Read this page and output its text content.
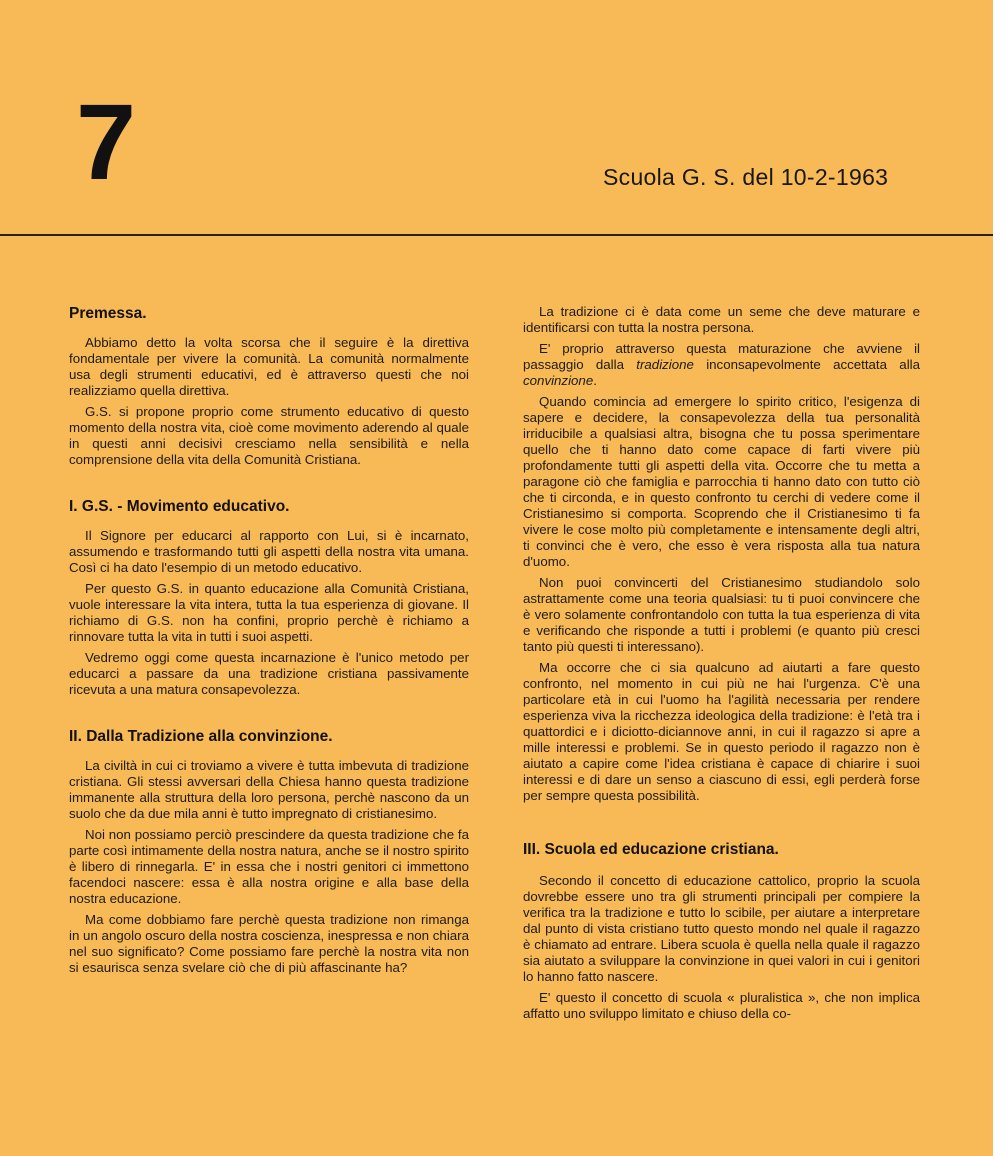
7	Scuola G. S. del 10-2-1963
Premessa.

Abbiamo detto la volta scorsa che il seguire è la direttiva fondamentale per vivere la comunità. La comunità normalmente usa degli strumenti educativi, ed è attraverso questi che noi realizziamo quella direttiva.

G.S. si propone proprio come strumento educativo di questo momento della nostra vita, cioè come movimento aderendo al quale in questi anni decisivi cresciamo nella sensibilità e nella comprensione della vita della Comunità Cristiana.

I. G.S. - Movimento educativo.

Il Signore per educarci al rapporto con Lui, si è incarnato, assumendo e trasformando tutti gli aspetti della nostra vita umana. Così ci ha dato l'esempio di un metodo educativo.

Per questo G.S. in quanto educazione alla Comunità Cristiana, vuole interessare la vita intera, tutta la tua esperienza di giovane. Il richiamo di G.S. non ha confini, proprio perchè è richiamo a rinnovare tutta la vita in tutti i suoi aspetti.

Vedremo oggi come questa incarnazione è l'unico metodo per educarci a passare da una tradizione cristiana passivamente ricevuta a una matura consapevolezza.

II. Dalla Tradizione alla convinzione.

La civiltà in cui ci troviamo a vivere è tutta imbevuta di tradizione cristiana. Gli stessi avversari della Chiesa hanno questa tradizione immanente alla struttura della loro persona, perchè nascono da un suolo che da due mila anni è tutto impregnato di cristianesimo.

Noi non possiamo perciò prescindere da questa tradizione che fa parte così intimamente della nostra natura, anche se il nostro spirito è libero di rinnegarla. E' in essa che i nostri genitori ci immettono facendoci nascere: essa è alla nostra origine e alla base della nostra educazione.

Ma come dobbiamo fare perchè questa tradizione non rimanga in un angolo oscuro della nostra coscienza, inespressa e non chiara nel suo significato? Come possiamo fare perchè la nostra vita non si esaurisca senza svelare ciò che di più affascinante ha?

La tradizione ci è data come un seme che deve maturare e identificarsi con tutta la nostra persona.

E' proprio attraverso questa maturazione che avviene il passaggio dalla tradizione inconsapevolmente accettata alla convinzione.

Quando comincia ad emergere lo spirito critico, l'esigenza di sapere e decidere, la consapevolezza della tua personalità irriducibile a qualsiasi altra, bisogna che tu possa sperimentare quello che ti hanno dato come capace di farti vivere più profondamente tutti gli aspetti della vita. Occorre che tu metta a paragone ciò che famiglia e parrocchia ti hanno dato con tutto ciò che ti circonda, e in questo confronto tu cerchi di vedere come il Cristianesimo si comporta. Scoprendo che il Cristianesimo ti fa vivere le cose molto più completamente e intensamente degli altri, ti convinci che è vero, che esso è vera risposta alla tua natura d'uomo.

Non puoi convincerti del Cristianesimo studiandolo solo astrattamente come una teoria qualsiasi: tu ti puoi convincere che è vero solamente confrontandolo con tutta la tua esperienza di vita e verificando che risponde a tutti i problemi (e quanto più cresci tanto più questi ti interessano).

Ma occorre che ci sia qualcuno ad aiutarti a fare questo confronto, nel momento in cui più ne hai l'urgenza. C'è una particolare età in cui l'uomo ha l'agilità necessaria per rendere esperienza viva la ricchezza ideologica della tradizione: è l'età tra i quattordici e i diciotto-diciannove anni, in cui il ragazzo si apre a mille interessi e problemi. Se in questo periodo il ragazzo non è aiutato a capire come l'idea cristiana è capace di chiarire i suoi interessi e di dare un senso a ciascuno di essi, egli perderà forse per sempre questa possibilità.

III. Scuola ed educazione cristiana.

Secondo il concetto di educazione cattolico, proprio la scuola dovrebbe essere uno tra gli strumenti principali per compiere la verifica tra la tradizione e tutto lo scibile, per aiutare a interpretare dal punto di vista cristiano tutto questo mondo nel quale il ragazzo è chiamato ad entrare. Libera scuola è quella nella quale il ragazzo sia aiutato a sviluppare la convinzione in quei valori in cui i genitori lo hanno fatto nascere.

E' questo il concetto di scuola « pluralistica », che non implica affatto uno sviluppo limitato e chiuso della co-
